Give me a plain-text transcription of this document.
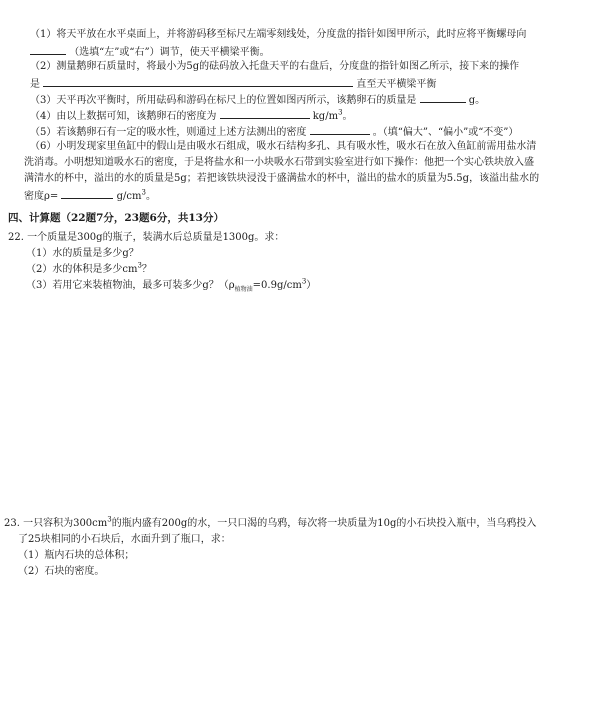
（1）将天平放在水平桌面上，并将游码移至标尺左端零刻线处，分度盘的指针如图甲所示，此时应将平衡螺母向
（选填“左”或“右”）调节，使天平横梁平衡。
（2）测量鹅卵石质量时，将最小为5g的砝码放入托盘天平的右盘后，分度盘的指针如图乙所示，接下来的操作
是	直至天平横梁平衡
（3）天平再次平衡时，所用砝码和游码在标尺上的位置如图丙所示，该鹅卵石的质量是	g。
（4）由以上数据可知，该鹅卵石的密度为	$kg/m^3$。
（5）若该鹅卵石有一定的吸水性，则通过上述方法测出的密度	。（填“偏大”、“偏小”或“不变”）
（6）小明发现家里鱼缸中的假山是由吸水石组成，吸水石结构多孔、具有吸水性，吸水石在放入鱼缸前需用盐水清
洗消毒。小明想知道吸水石的密度，于是将盐水和一小块吸水石带到实验室进行如下操作：他把一个实心铁块放入盛
满清水的杯中，溢出的水的质量是5g；若把该铁块浸没于盛满盐水的杯中，溢出的盐水的质量为5.5g，该溢出盐水的
密度ρ=	$g/cm^3$。
四、计算题（22题7分，23题6分，共13分）
22. 一个质量是300g的瓶子，装满水后总质量是1300g。求：
（1）水的质量是多少g？
（2）水的体积是多少$cm^3$？
（3）若用它来装植物油，最多可装多少g？$(\rho_{植物油}=0.9g/cm^3)$
23. 一只容积为$300cm^3$的瓶内盛有200g的水，一只口渴的乌鸦，每次将一块质量为10g的小石块投入瓶中，当乌鸦投入
了25块相同的小石块后，水面升到了瓶口，求：
（1）瓶内石块的总体积；
（2）石块的密度。
